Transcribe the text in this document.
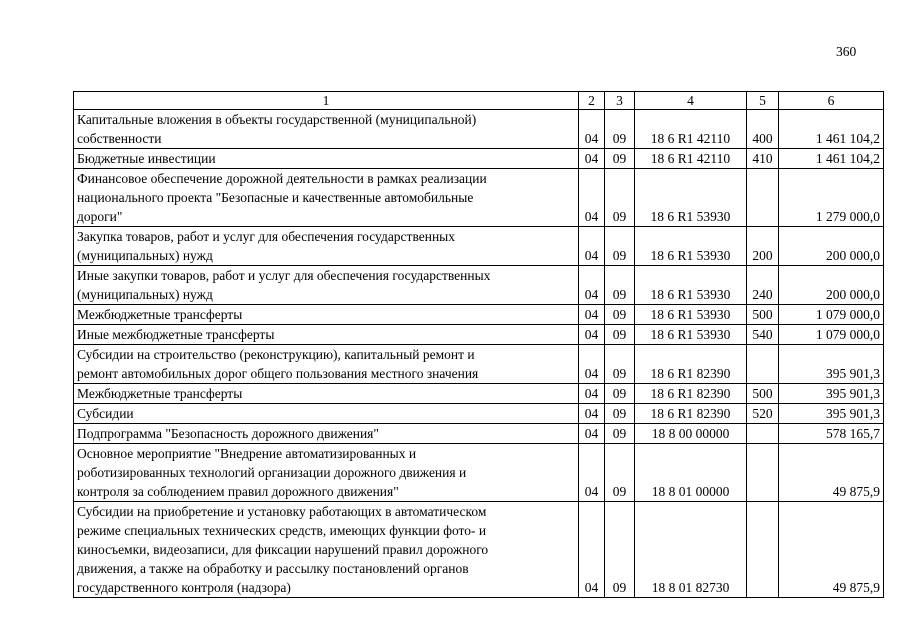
360
1	2	3	4	5	6

Капитальные вложения в объекты государственной (муниципальной)
собственности	04	09	18 6 R1 42110	400	1 461 104,2

Бюджетные инвестиции	04	09	18 6 R1 42110	410	1 461 104,2

Финансовое обеспечение дорожной деятельности в рамках реализации
национального проекта "Безопасные и качественные автомобильные
дороги"	04	09	18 6 R1 53930		1 279 000,0

Закупка товаров, работ и услуг для обеспечения государственных
(муниципальных) нужд	04	09	18 6 R1 53930	200	200 000,0

Иные закупки товаров, работ и услуг для обеспечения государственных
(муниципальных) нужд	04	09	18 6 R1 53930	240	200 000,0

Межбюджетные трансферты	04	09	18 6 R1 53930	500	1 079 000,0

Иные межбюджетные трансферты	04	09	18 6 R1 53930	540	1 079 000,0

Субсидии на строительство (реконструкцию), капитальный ремонт и
ремонт автомобильных дорог общего пользования местного значения	04	09	18 6 R1 82390		395 901,3

Межбюджетные трансферты	04	09	18 6 R1 82390	500	395 901,3

Субсидии	04	09	18 6 R1 82390	520	395 901,3

Подпрограмма "Безопасность дорожного движения"	04	09	18 8 00 00000		578 165,7

Основное мероприятие "Внедрение автоматизированных и
роботизированных технологий организации дорожного движения и
контроля за соблюдением правил дорожного движения"	04	09	18 8 01 00000		49 875,9

Субсидии на приобретение и установку работающих в автоматическом
режиме специальных технических средств, имеющих функции фото- и
киносъемки, видеозаписи, для фиксации нарушений правил дорожного
движения, а также на обработку и рассылку постановлений органов
государственного контроля (надзора)	04	09	18 8 01 82730		49 875,9
